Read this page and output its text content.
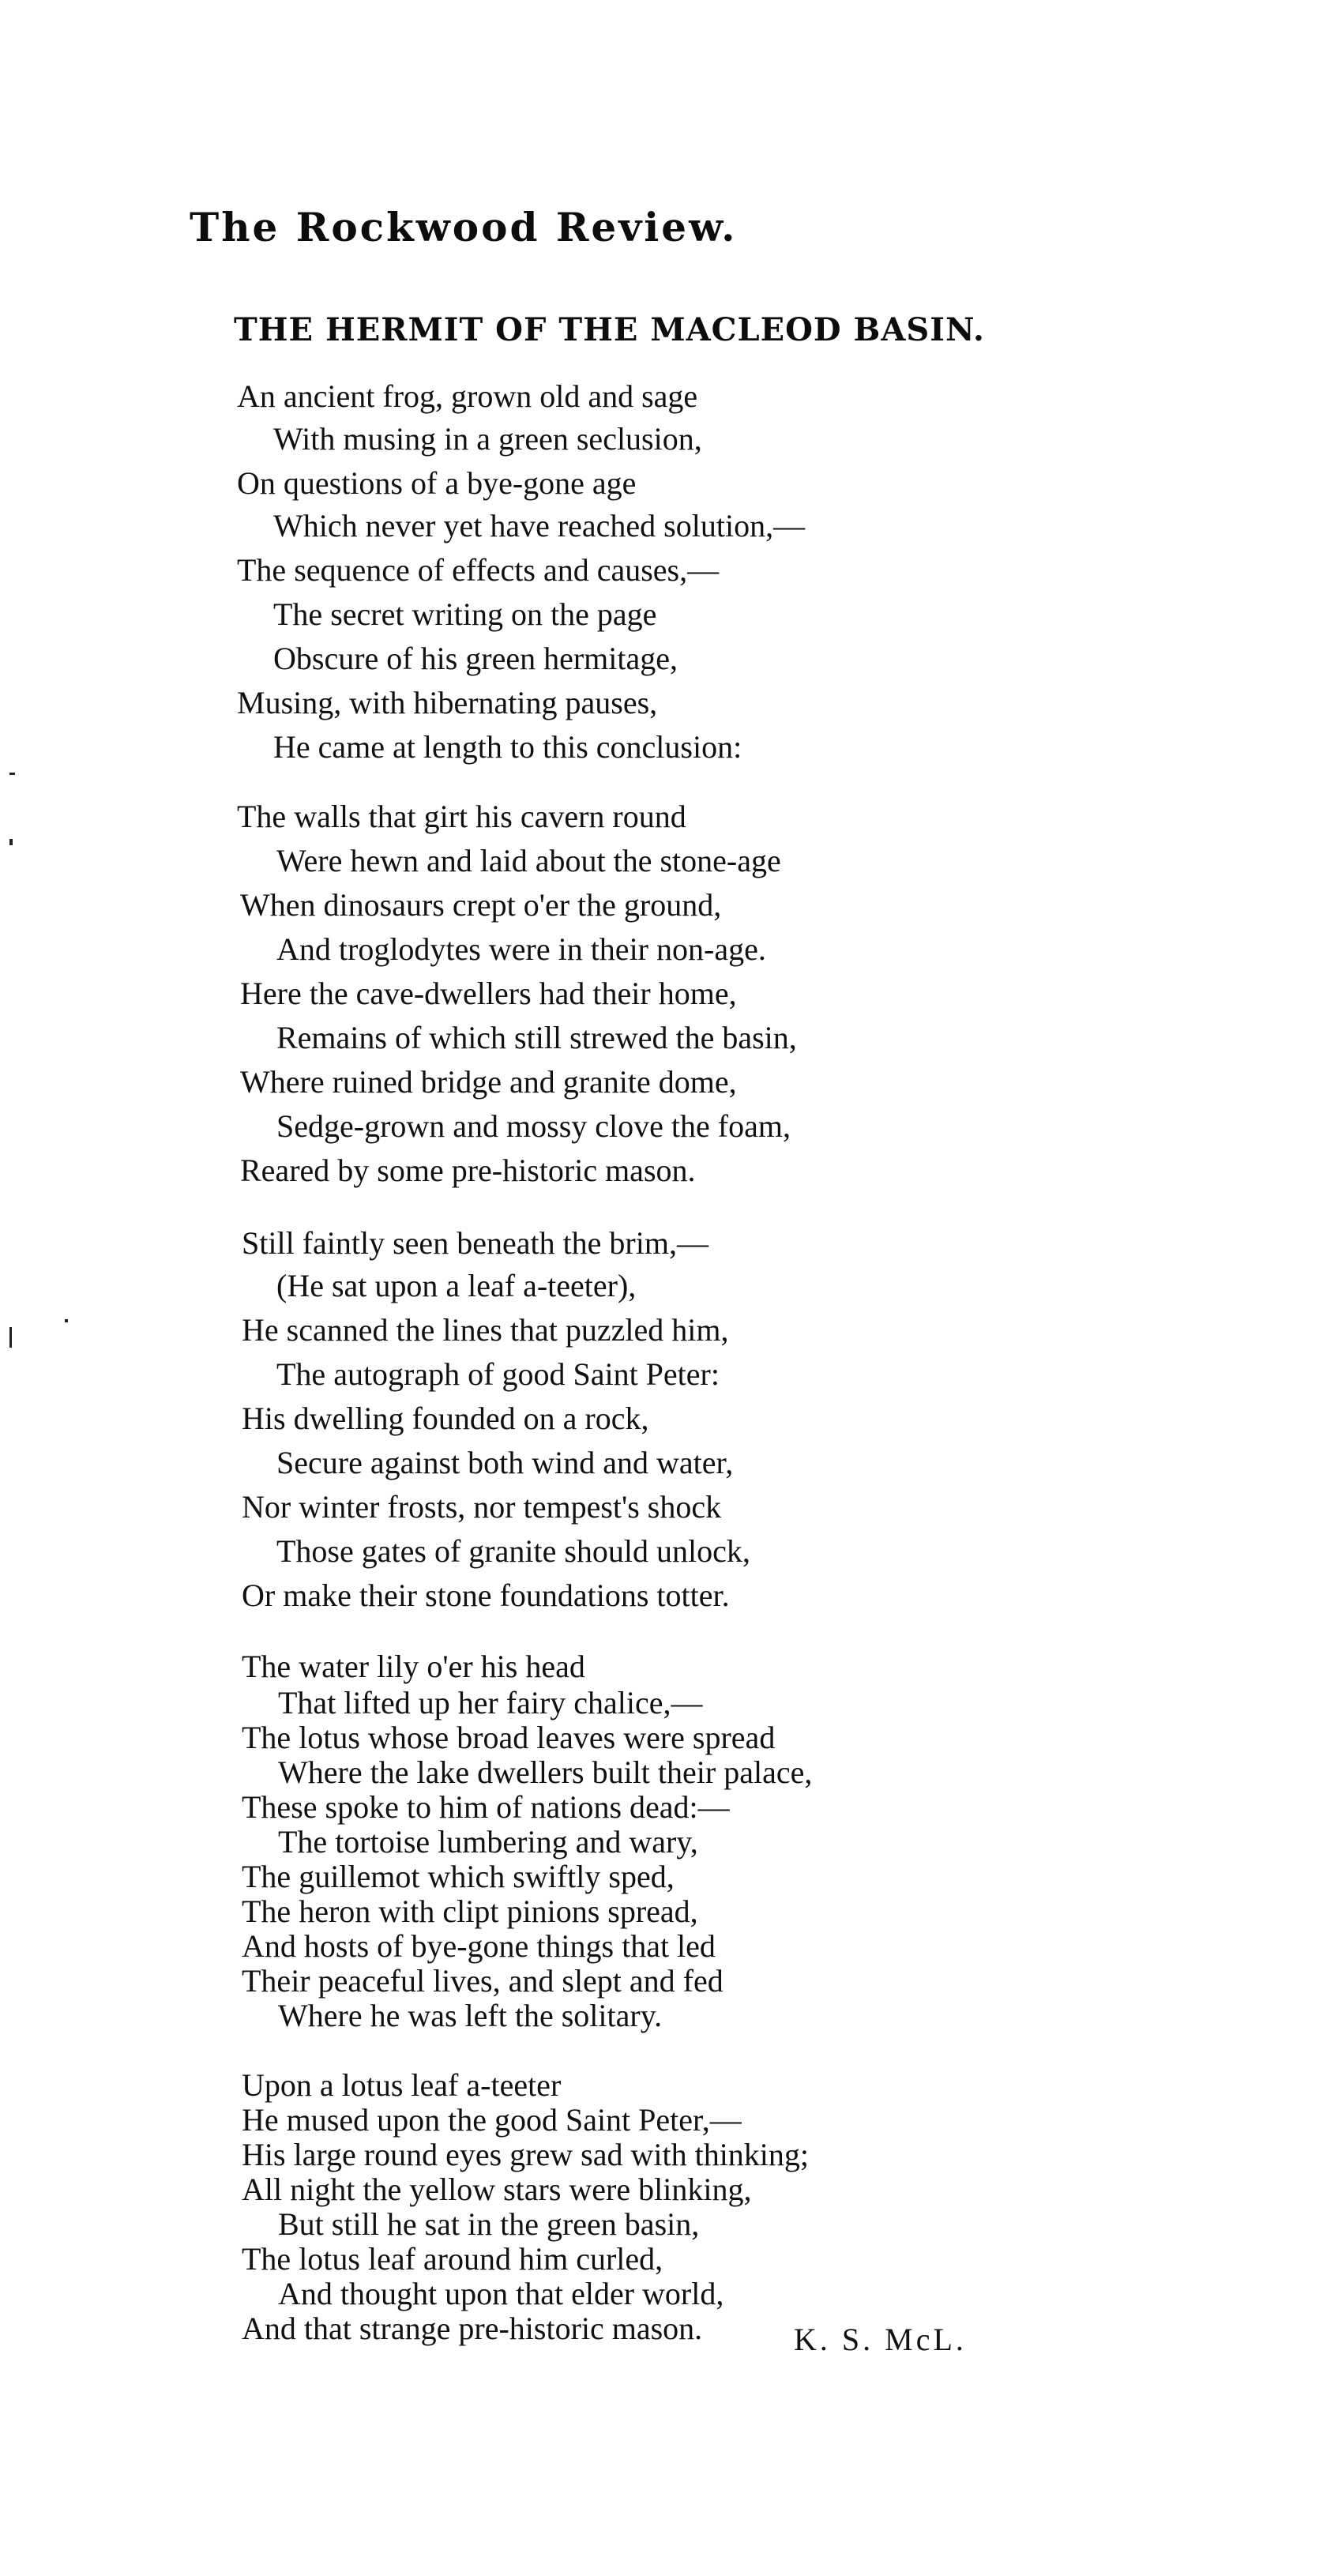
The Rockwood Review.
THE HERMIT OF THE MACLEOD BASIN.
An ancient frog, grown old and sage
With musing in a green seclusion,
On questions of a bye-gone age
Which never yet have reached solution,—
The sequence of effects and causes,—
The secret writing on the page
Obscure of his green hermitage,
Musing, with hibernating pauses,
He came at length to this conclusion:
The walls that girt his cavern round
Were hewn and laid about the stone-age
When dinosaurs crept o'er the ground,
And troglodytes were in their non-age.
Here the cave-dwellers had their home,
Remains of which still strewed the basin,
Where ruined bridge and granite dome,
Sedge-grown and mossy clove the foam,
Reared by some pre-historic mason.
Still faintly seen beneath the brim,—
(He sat upon a leaf a-teeter),
He scanned the lines that puzzled him,
The autograph of good Saint Peter:
His dwelling founded on a rock,
Secure against both wind and water,
Nor winter frosts, nor tempest's shock
Those gates of granite should unlock,
Or make their stone foundations totter.
The water lily o'er his head
That lifted up her fairy chalice,—
The lotus whose broad leaves were spread
Where the lake dwellers built their palace,
These spoke to him of nations dead:—
The tortoise lumbering and wary,
The guillemot which swiftly sped,
The heron with clipt pinions spread,
And hosts of bye-gone things that led
Their peaceful lives, and slept and fed
Where he was left the solitary.
Upon a lotus leaf a-teeter
He mused upon the good Saint Peter,—
His large round eyes grew sad with thinking;
All night the yellow stars were blinking,
But still he sat in the green basin,
The lotus leaf around him curled,
And thought upon that elder world,
And that strange pre-historic mason.	K. S. McL.
